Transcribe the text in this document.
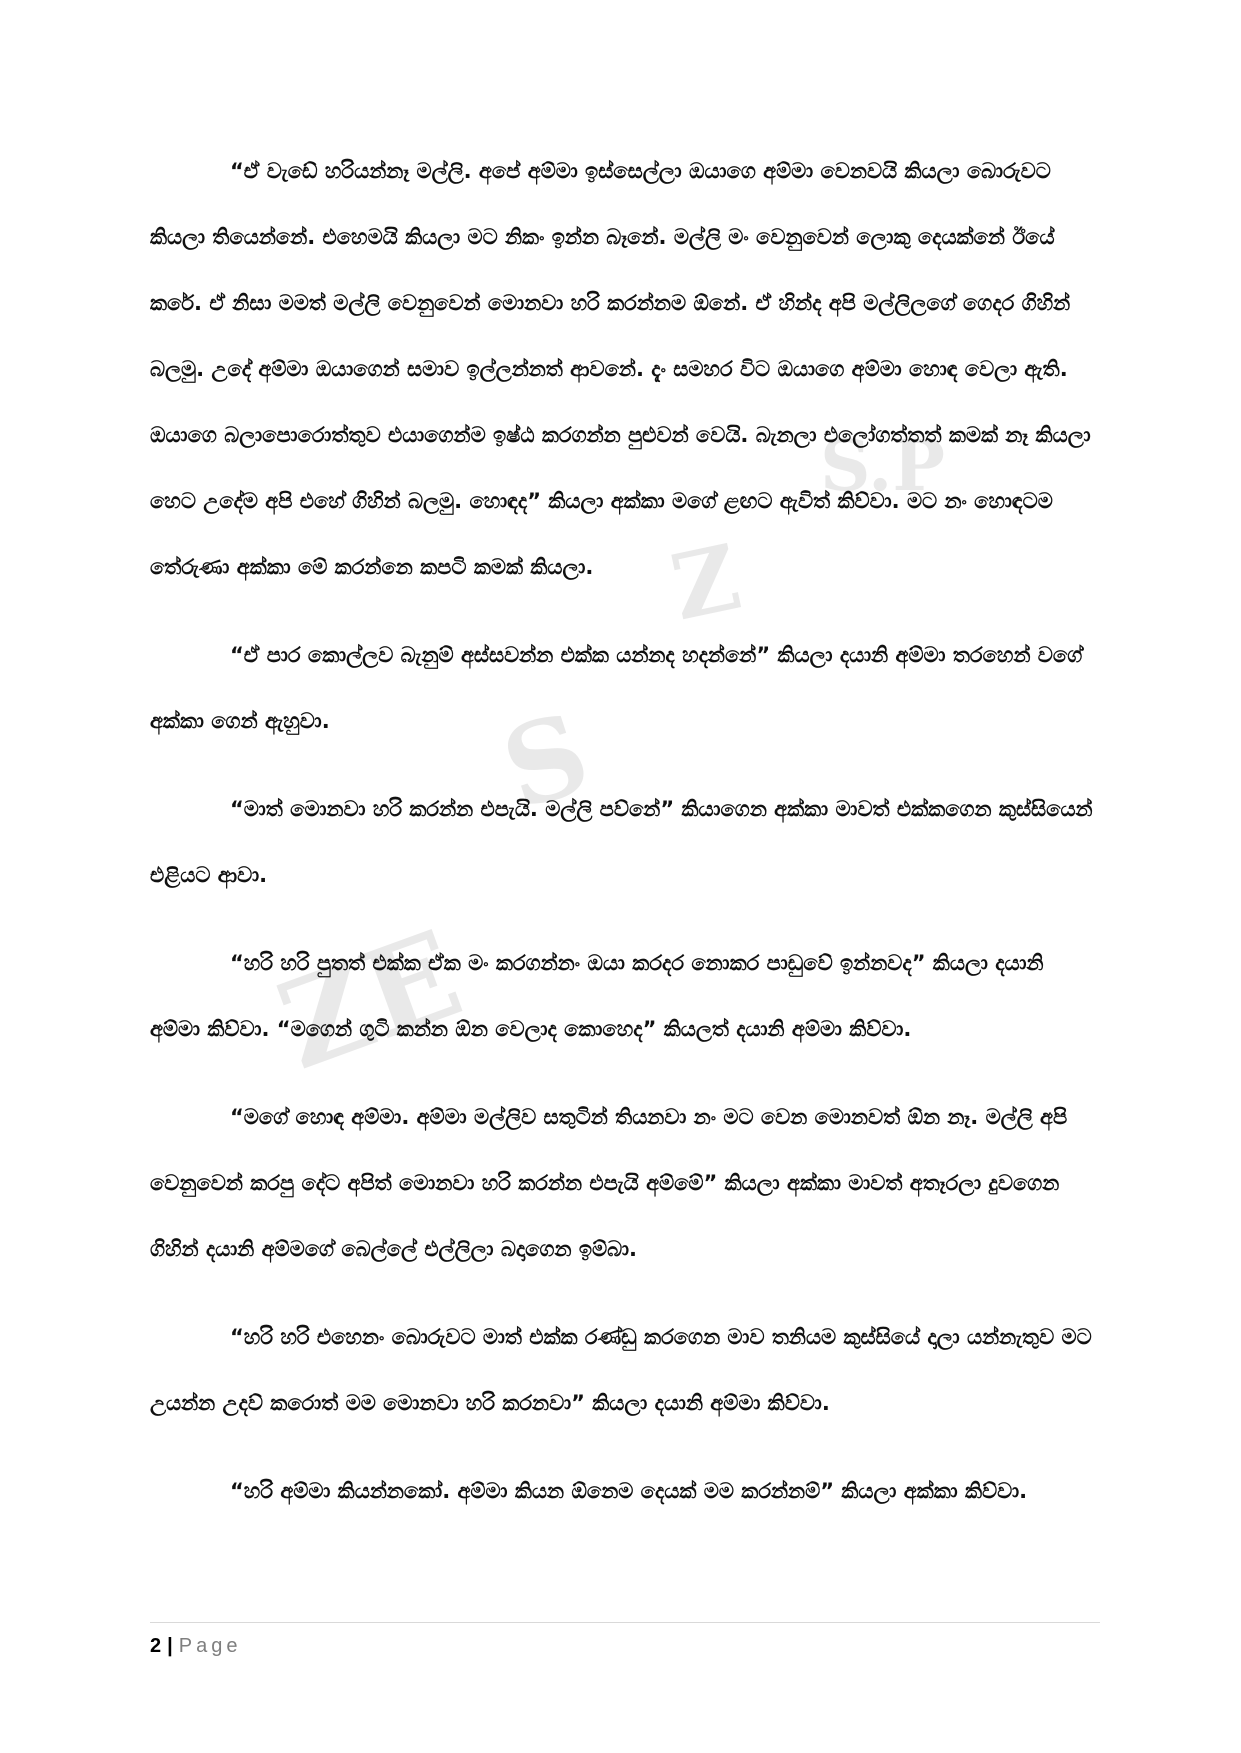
S.P
Z
S
ZE

“ඒ වැඩේ හරියන්නෑ මල්ලි. අපේ අම්මා ඉස්සෙල්ලා ඔයාගෙ අම්මා වෙනවයි කියලා බොරුවට කියලා තියෙන්නේ. එහෙමයි කියලා මට නිකං ඉන්න බෑනේ. මල්ලි මං වෙනුවෙන් ලොකු දෙයක්නේ ඊයේ කරේ. ඒ නිසා මමත් මල්ලි වෙනුවෙන් මොනවා හරි කරන්නම ඕනේ. ඒ හින්ද අපි මල්ලිලගේ ගෙදර ගිහින් බලමු. උදේ අම්මා ඔයාගෙන් සමාව ඉල්ලන්නත් ආවනේ. දැං සමහර විට ඔයාගෙ අම්මා හොඳ වෙලා ඇති. ඔයාගෙ බලාපොරොත්තුව එයාගෙන්ම ඉෂ්ඨ කරගන්න පුළුවන් වෙයි. බැනලා එලෝගත්තත් කමක් නෑ කියලා හෙට උදේම අපි එහේ ගිහින් බලමු. හොඳද” කියලා අක්කා මගේ ළඟට ඇවිත් කිව්වා. මට නං හොඳටම තේරුණා අක්කා මේ කරන්නෙ කපටි කමක් කියලා.

“ඒ පාර කොල්ලව බැනුම් අස්සවන්න එක්ක යන්නද හදන්නේ” කියලා දයානි අම්මා තරහෙන් වගේ අක්කා ගෙන් ඇහුවා.

“මාත් මොනවා හරි කරන්න එපැයි. මල්ලි පව්නේ” කියාගෙන අක්කා මාවත් එක්කගෙන කුස්සියෙන් එළියට ආවා.

“හරි හරි පුතත් එක්ක ඒක මං කරගන්නං ඔයා කරදර නොකර පාඩුවේ ඉන්නවද” කියලා දයානි අම්මා කිව්වා. “මගෙන් ගුටි කන්න ඕන වෙලාද කොහෙද” කියලත් දයානි අම්මා කිව්වා.

“මගේ හොඳ අම්මා. අම්මා මල්ලිව සතුටින් තියනවා නං මට වෙන මොනවත් ඕන නෑ. මල්ලි අපි වෙනුවෙන් කරපු දේට අපිත් මොනවා හරි කරන්න එපැයි අම්මේ” කියලා අක්කා මාවත් අතෑරලා දුවගෙන ගිහින් දයානි අම්මගේ බෙල්ලේ එල්ලිලා බදාගෙන ඉම්බා.

“හරි හරි එහෙනං බොරුවට මාත් එක්ක රණ්ඩු කරගෙන මාව තනියම කුස්සියේ දාලා යන්නැතුව මට උයන්න උදව් කරොත් මම මොනවා හරි කරනවා” කියලා දයානි අම්මා කිව්වා.

“හරි අම්මා කියන්නකෝ. අම්මා කියන ඕනෙම දෙයක් මම කරන්නම්” කියලා අක්කා කිව්වා.

2 | Page
